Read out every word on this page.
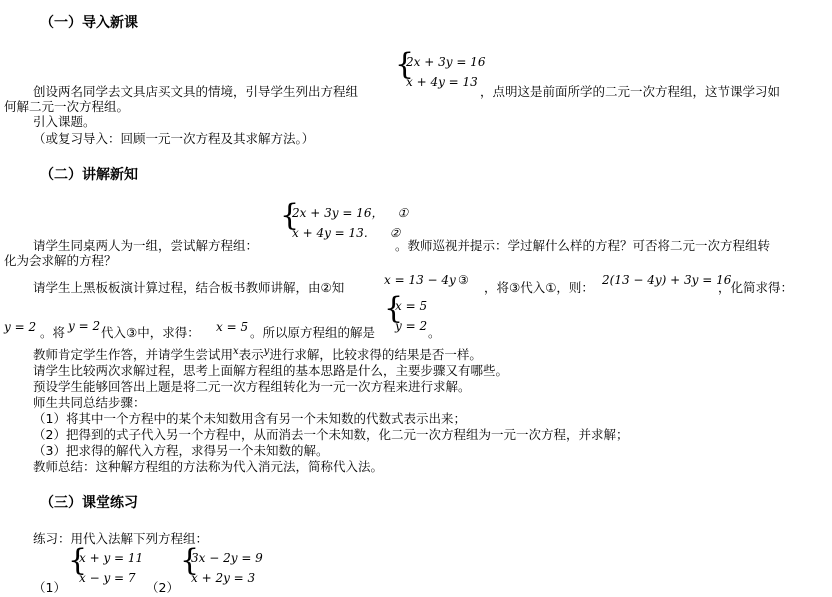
（一）导入新课
创设两名同学去文具店买文具的情境，引导学生列出方程组
{
2x + 3y = 16
x + 4y = 13
，点明这是前面所学的二元一次方程组，这节课学习如
何解二元一次方程组。
引入课题。
（或复习导入：回顾一元一次方程及其求解方法。）
（二）讲解新知
请学生同桌两人为一组，尝试解方程组：
{
2x + 3y = 16， ①
x + 4y = 13. ②
。教师巡视并提示：学过解什么样的方程？可否将二元一次方程组转
化为会求解的方程？
请学生上黑板板演计算过程，结合板书教师讲解，由②知	x = 13 − 4y ③ ，将③代入①，则： 2(13 − 4y) + 3y = 16
，化简求得：
y = 2 。将 y = 2 代入③中，求得： x = 5 。所以原方程组的解是
{
x = 5
y = 2 。
教师肯定学生作答，并请学生尝试用$^x$表示$^y$进行求解，比较求得的结果是否一样。
请学生比较两次求解过程，思考上面解方程组的基本思路是什么，主要步骤又有哪些。
预设学生能够回答出上题是将二元一次方程组转化为一元一次方程来进行求解。
师生共同总结步骤：
（1）将其中一个方程中的某个未知数用含有另一个未知数的代数式表示出来；
（2）把得到的式子代入另一个方程中，从而消去一个未知数，化二元一次方程组为一元一次方程，并求解；
（3）把求得的解代入方程，求得另一个未知数的解。
教师总结：这种解方程组的方法称为代入消元法，简称代入法。
（三）课堂练习
练习：用代入法解下列方程组：
（1）
{
x + y = 11
x − y = 7
（2）
{
3x − 2y = 9
x + 2y = 3
